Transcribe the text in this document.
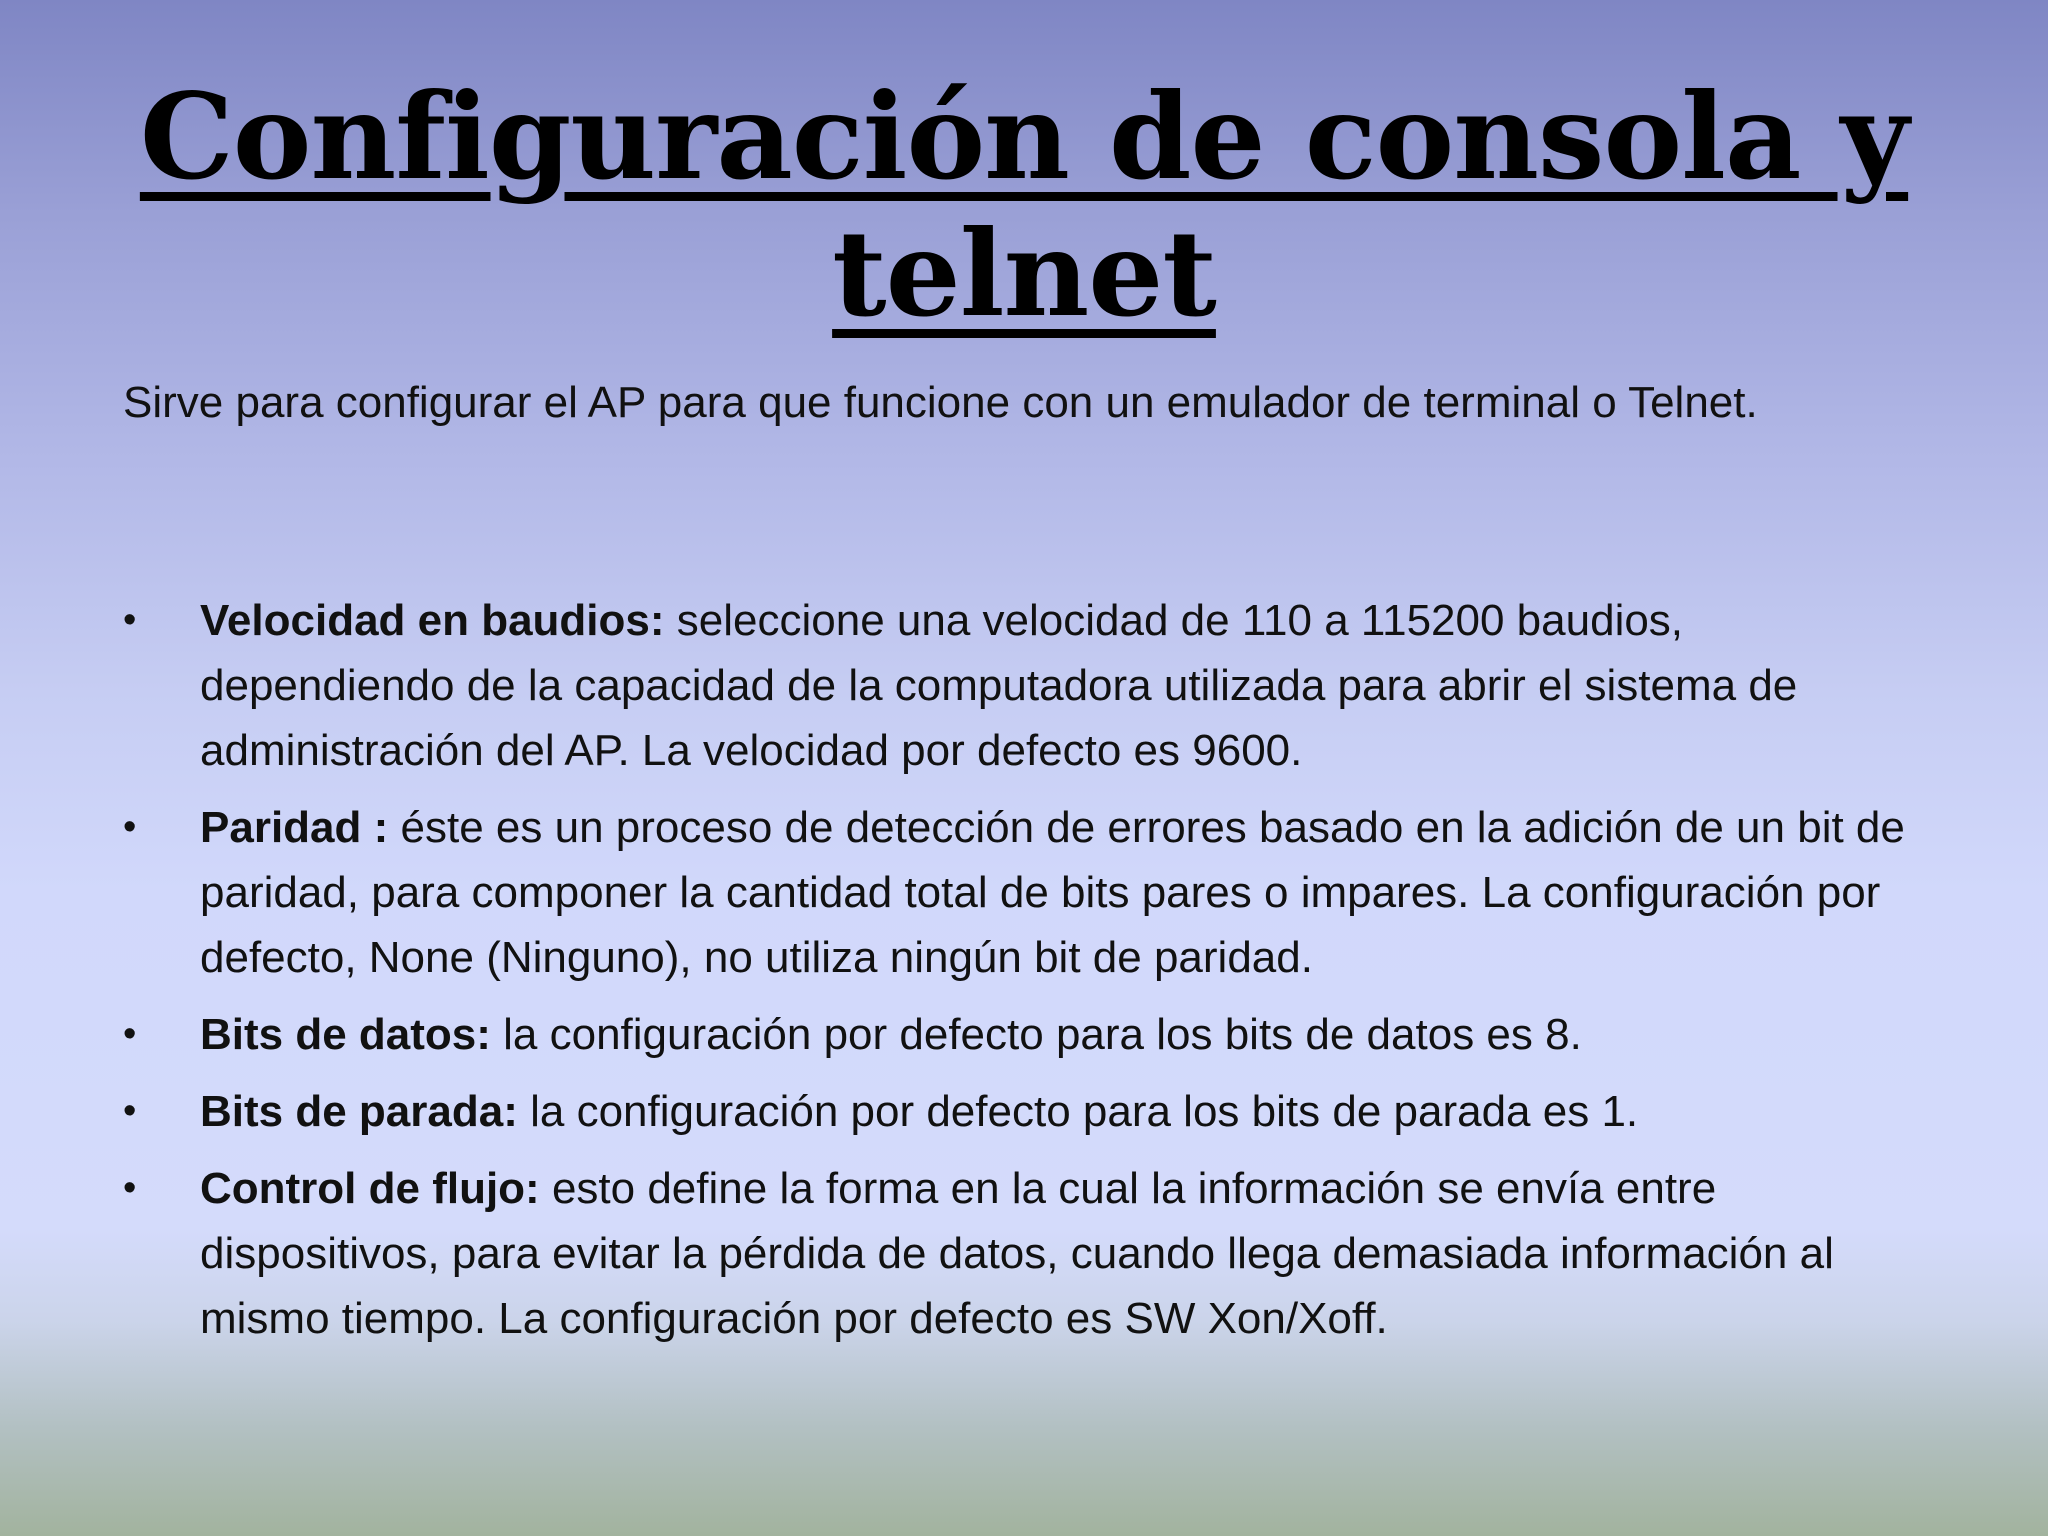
Configuración de consola y telnet

Sirve para configurar el AP para que funcione con un emulador de terminal o Telnet.

•	Velocidad en baudios: seleccione una velocidad de 110 a 115200 baudios, dependiendo de la capacidad de la computadora utilizada para abrir el sistema de administración del AP. La velocidad por defecto es 9600.
•	Paridad : éste es un proceso de detección de errores basado en la adición de un bit de paridad, para componer la cantidad total de bits pares o impares. La configuración por defecto, None (Ninguno), no utiliza ningún bit de paridad.
•	Bits de datos: la configuración por defecto para los bits de datos es 8.
•	Bits de parada: la configuración por defecto para los bits de parada es 1.
•	Control de flujo: esto define la forma en la cual la información se envía entre dispositivos, para evitar la pérdida de datos, cuando llega demasiada información al mismo tiempo. La configuración por defecto es SW Xon/Xoff.
